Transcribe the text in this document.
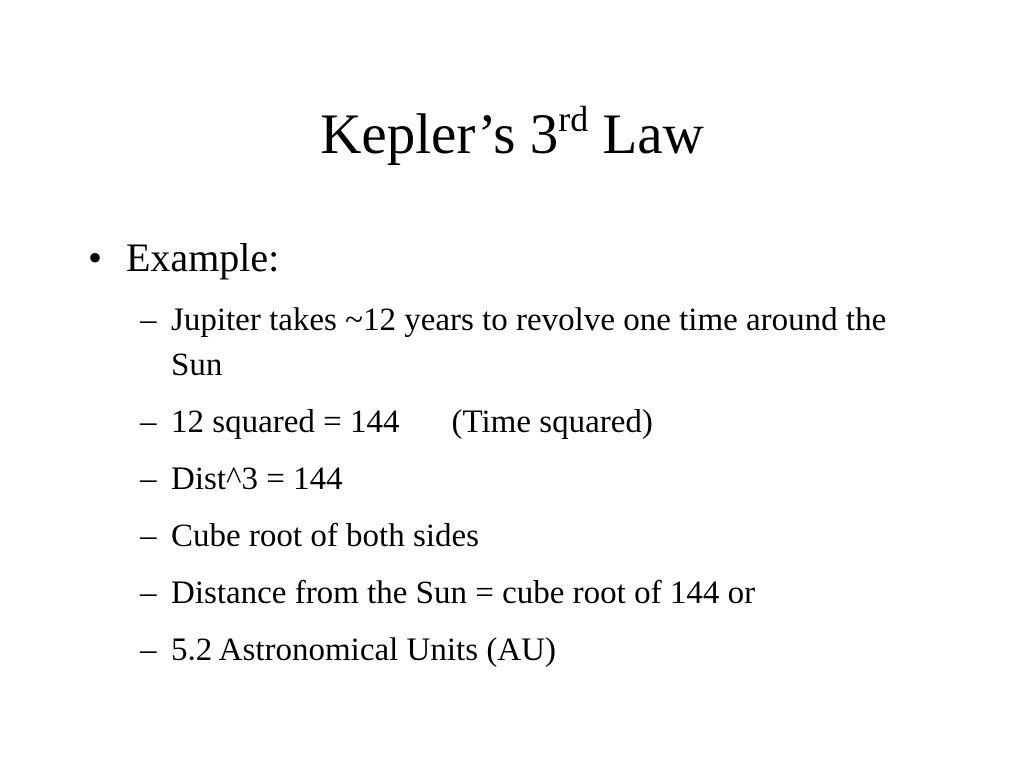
Kepler’s 3rd Law
• Example:
– Jupiter takes ~12 years to revolve one time around the Sun
– 12 squared = 144 (Time squared)
– Dist^3 = 144
– Cube root of both sides
– Distance from the Sun = cube root of 144 or
– 5.2 Astronomical Units (AU)
